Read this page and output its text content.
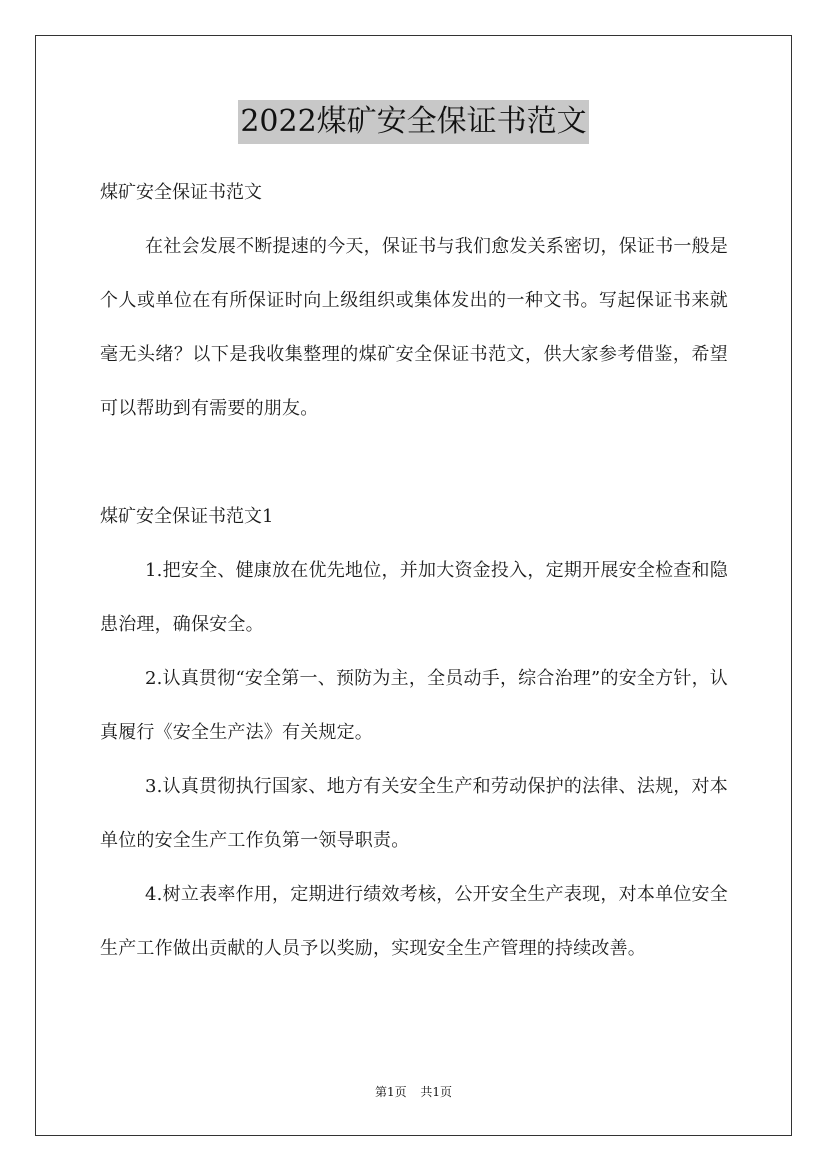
2022煤矿安全保证书范文

煤矿安全保证书范文

在社会发展不断提速的今天，保证书与我们愈发关系密切，保证书一般是个人或单位在有所保证时向上级组织或集体发出的一种文书。写起保证书来就毫无头绪？以下是我收集整理的煤矿安全保证书范文，供大家参考借鉴，希望可以帮助到有需要的朋友。

煤矿安全保证书范文1

1.把安全、健康放在优先地位，并加大资金投入，定期开展安全检查和隐患治理，确保安全。

2.认真贯彻“安全第一、预防为主，全员动手，综合治理”的安全方针，认真履行《安全生产法》有关规定。

3.认真贯彻执行国家、地方有关安全生产和劳动保护的法律、法规，对本单位的安全生产工作负第一领导职责。

4.树立表率作用，定期进行绩效考核，公开安全生产表现，对本单位安全生产工作做出贡献的人员予以奖励，实现安全生产管理的持续改善。

第1页 共1页
